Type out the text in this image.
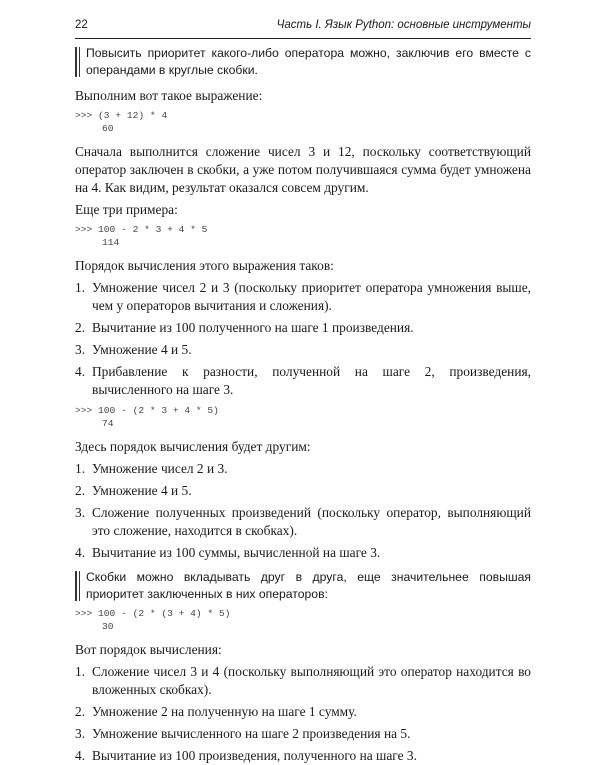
22	Часть I. Язык Python: основные инструменты

Повысить приоритет какого-либо оператора можно, заключив его вместе с операндами в круглые скобки.

Выполним вот такое выражение:

>>> (3 + 12) * 4

60

Сначала выполнится сложение чисел 3 и 12, поскольку соответствующий оператор заключен в скобки, а уже потом получившаяся сумма будет умножена на 4. Как видим, результат оказался совсем другим.

Еще три примера:

>>> 100 - 2 * 3 + 4 * 5

114

Порядок вычисления этого выражения таков:

1. Умножение чисел 2 и 3 (поскольку приоритет оператора умножения выше, чем у операторов вычитания и сложения).
2. Вычитание из 100 полученного на шаге 1 произведения.
3. Умножение 4 и 5.
4. Прибавление к разности, полученной на шаге 2, произведения, вычисленного на шаге 3.
>>> 100 - (2 * 3 + 4 * 5)

74

Здесь порядок вычисления будет другим:

1. Умножение чисел 2 и 3.
2. Умножение 4 и 5.
3. Сложение полученных произведений (поскольку оператор, выполняющий это сложение, находится в скобках).
4. Вычитание из 100 суммы, вычисленной на шаге 3.

Скобки можно вкладывать друг в друга, еще значительнее повышая приоритет заключенных в них операторов:

>>> 100 - (2 * (3 + 4) * 5)

30

Вот порядок вычисления:

1. Сложение чисел 3 и 4 (поскольку выполняющий это оператор находится во вложенных скобках).
2. Умножение 2 на полученную на шаге 1 сумму.
3. Умножение вычисленного на шаге 2 произведения на 5.
4. Вычитание из 100 произведения, полученного на шаге 3.
